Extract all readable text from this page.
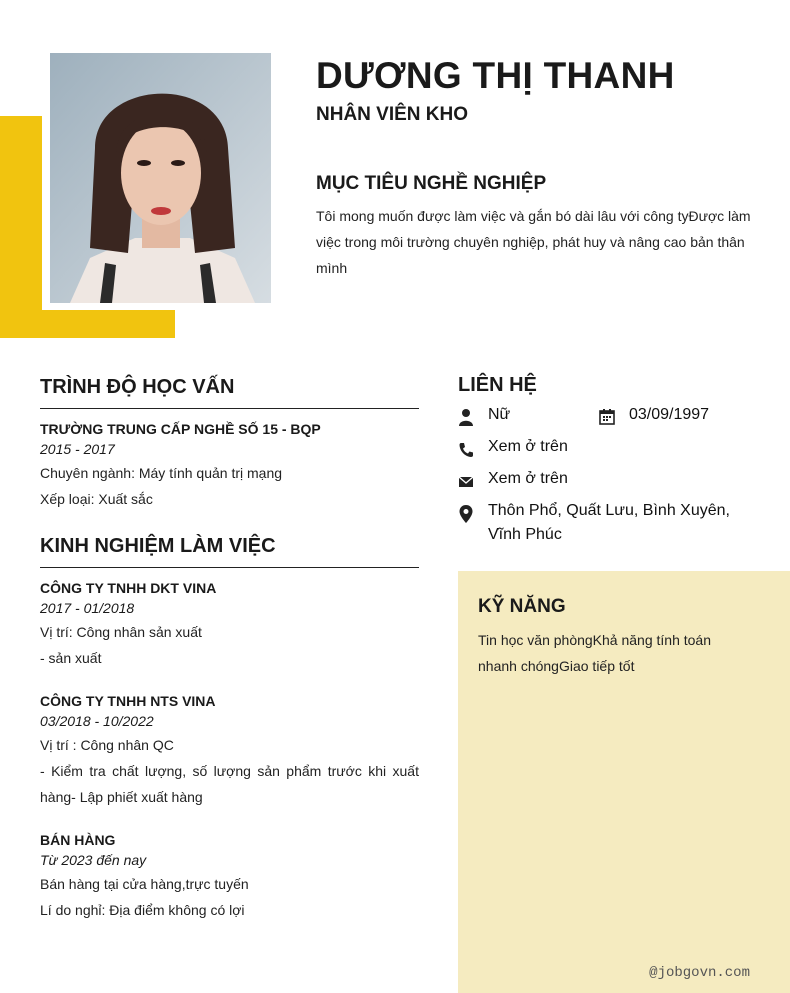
DƯƠNG THỊ THANH
NHÂN VIÊN KHO
MỤC TIÊU NGHỀ NGHIỆP
Tôi mong muốn được làm việc và gắn bó dài lâu với công tyĐược làm việc trong môi trường chuyên nghiệp, phát huy và nâng cao bản thân mình
TRÌNH ĐỘ HỌC VẤN
TRƯỜNG TRUNG CẤP NGHỀ SỐ 15 - BQP
2015 - 2017
Chuyên ngành: Máy tính quản trị mạng
Xếp loại: Xuất sắc
KINH NGHIỆM LÀM VIỆC
CÔNG TY TNHH DKT VINA
2017 - 01/2018
Vị trí: Công nhân sản xuất
- sản xuất
CÔNG TY TNHH NTS VINA
03/2018 - 10/2022
Vị trí : Công nhân QC
- Kiểm tra chất lượng, số lượng sản phẩm trước khi xuất hàng- Lập phiết xuất hàng
BÁN HÀNG
Từ 2023 đến nay
Bán hàng tại cửa hàng,trực tuyến
Lí do nghỉ: Địa điểm không có lợi
LIÊN HỆ
Nữ	03/09/1997
Xem ở trên
Xem ở trên
Thôn Phổ, Quất Lưu, Bình Xuyên, Vĩnh Phúc
KỸ NĂNG
Tin học văn phòngKhả năng tính toán nhanh chóngGiao tiếp tốt
@jobgovn.com
